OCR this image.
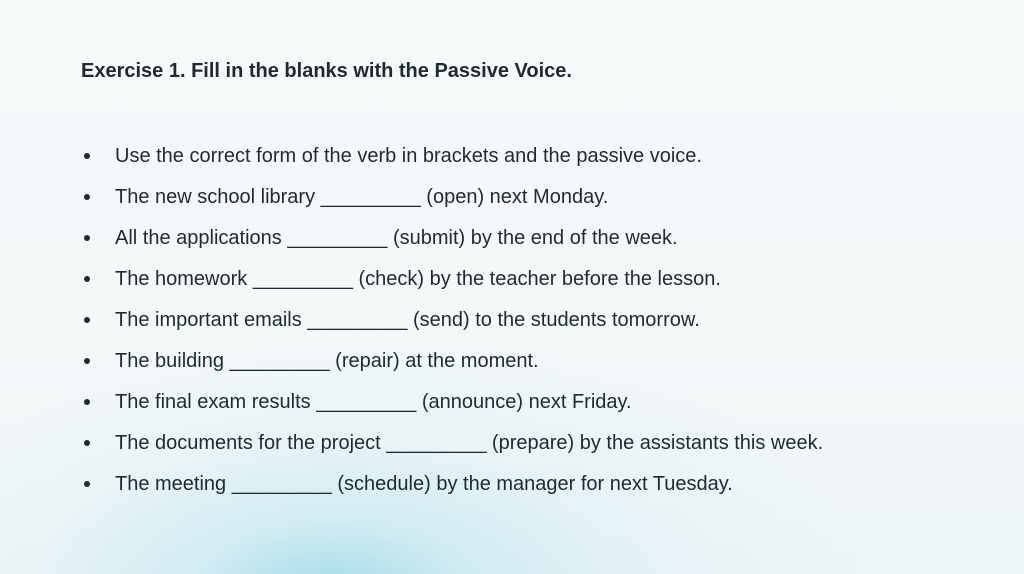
Exercise 1. Fill in the blanks with the Passive Voice.
Use the correct form of the verb in brackets and the passive voice.
The new school library _________ (open) next Monday.
All the applications _________ (submit) by the end of the week.
The homework _________ (check) by the teacher before the lesson.
The important emails _________ (send) to the students tomorrow.
The building _________ (repair) at the moment.
The final exam results _________ (announce) next Friday.
The documents for the project _________ (prepare) by the assistants this week.
The meeting _________ (schedule) by the manager for next Tuesday.
